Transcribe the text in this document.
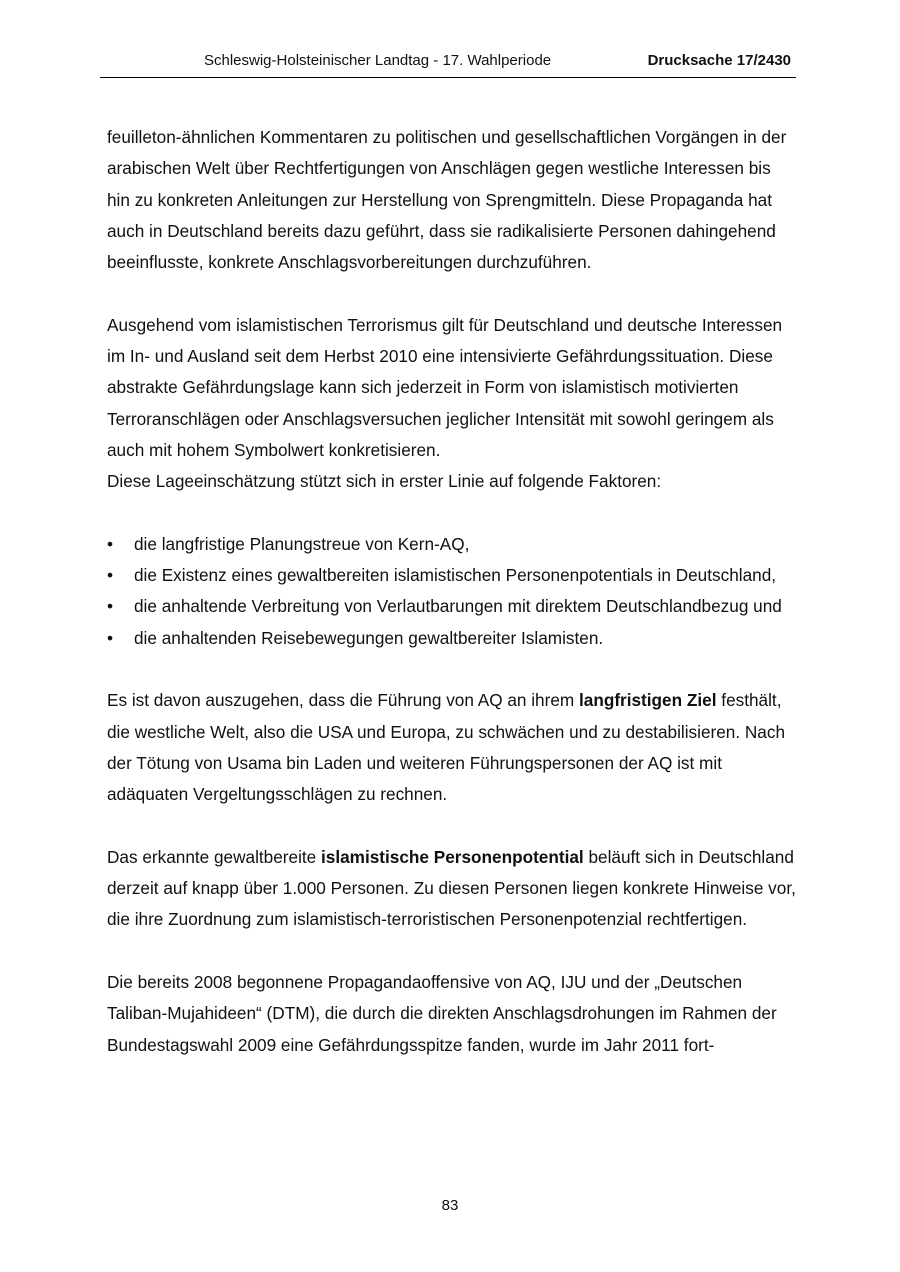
Schleswig-Holsteinischer Landtag - 17. Wahlperiode	Drucksache 17/2430

feuilleton-ähnlichen Kommentaren zu politischen und gesellschaftlichen Vorgängen in der arabischen Welt über Rechtfertigungen von Anschlägen gegen westliche Interessen bis hin zu konkreten Anleitungen zur Herstellung von Sprengmitteln. Diese Propaganda hat auch in Deutschland bereits dazu geführt, dass sie radikalisierte Personen dahingehend beeinflusste, konkrete Anschlagsvorbereitungen durchzuführen.

Ausgehend vom islamistischen Terrorismus gilt für Deutschland und deutsche Interessen im In- und Ausland seit dem Herbst 2010 eine intensivierte Gefährdungssituation. Diese abstrakte Gefährdungslage kann sich jederzeit in Form von islamistisch motivierten Terroranschlägen oder Anschlagsversuchen jeglicher Intensität mit sowohl geringem als auch mit hohem Symbolwert konkretisieren.

Diese Lageeinschätzung stützt sich in erster Linie auf folgende Faktoren:

• die langfristige Planungstreue von Kern-AQ,
• die Existenz eines gewaltbereiten islamistischen Personenpotentials in Deutschland,
• die anhaltende Verbreitung von Verlautbarungen mit direktem Deutschlandbezug und
• die anhaltenden Reisebewegungen gewaltbereiter Islamisten.

Es ist davon auszugehen, dass die Führung von AQ an ihrem langfristigen Ziel festhält, die westliche Welt, also die USA und Europa, zu schwächen und zu destabilisieren. Nach der Tötung von Usama bin Laden und weiteren Führungspersonen der AQ ist mit adäquaten Vergeltungsschlägen zu rechnen.

Das erkannte gewaltbereite islamistische Personenpotential beläuft sich in Deutschland derzeit auf knapp über 1.000 Personen. Zu diesen Personen liegen konkrete Hinweise vor, die ihre Zuordnung zum islamistisch-terroristischen Personenpotenzial rechtfertigen.

Die bereits 2008 begonnene Propagandaoffensive von AQ, IJU und der „Deutschen Taliban-Mujahideen“ (DTM), die durch die direkten Anschlagsdrohungen im Rahmen der Bundestagswahl 2009 eine Gefährdungsspitze fanden, wurde im Jahr 2011 fort-

83
